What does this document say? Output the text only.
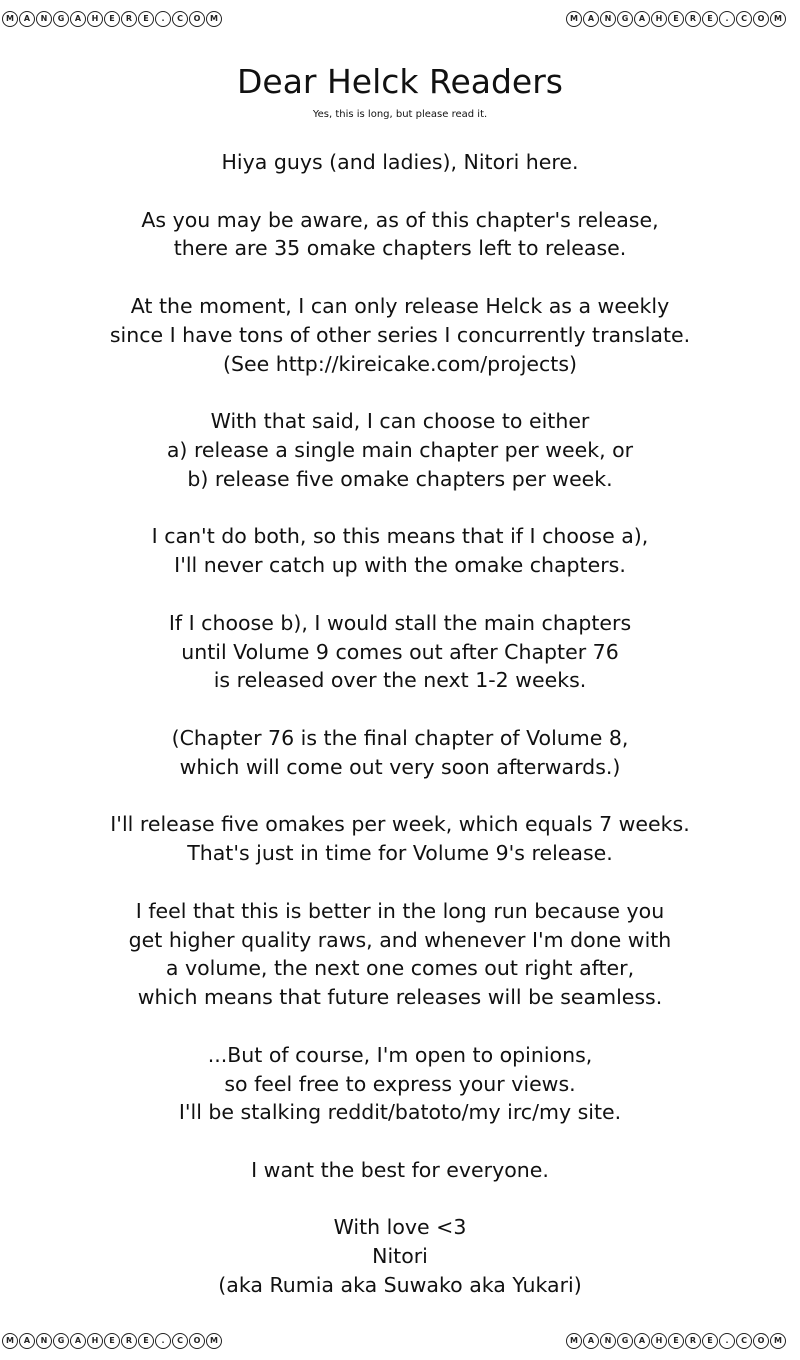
M	A	N	G	A	H	E	R	E	.	C	O	M	M	A	N	G	A	H	E	R	E	.	C	O	M
M	A	N	G	A	H	E	R	E	.	C	O	M	M	A	N	G	A	H	E	R	E	.	C	O	M
Dear Helck Readers
Yes, this is long, but please read it.
Hiya guys (and ladies), Nitori here.
As you may be aware, as of this chapter's release,
there are 35 omake chapters left to release.
At the moment, I can only release Helck as a weekly
since I have tons of other series I concurrently translate.
(See http://kireicake.com/projects)
With that said, I can choose to either
a) release a single main chapter per week, or
b) release five omake chapters per week.
I can't do both, so this means that if I choose a),
I'll never catch up with the omake chapters.
If I choose b), I would stall the main chapters
until Volume 9 comes out after Chapter 76
is released over the next 1-2 weeks.
(Chapter 76 is the final chapter of Volume 8,
which will come out very soon afterwards.)
I'll release five omakes per week, which equals 7 weeks.
That's just in time for Volume 9's release.
I feel that this is better in the long run because you
get higher quality raws, and whenever I'm done with
a volume, the next one comes out right after,
which means that future releases will be seamless.
...But of course, I'm open to opinions,
so feel free to express your views.
I'll be stalking reddit/batoto/my irc/my site.
I want the best for everyone.
With love <3
Nitori
(aka Rumia aka Suwako aka Yukari)
